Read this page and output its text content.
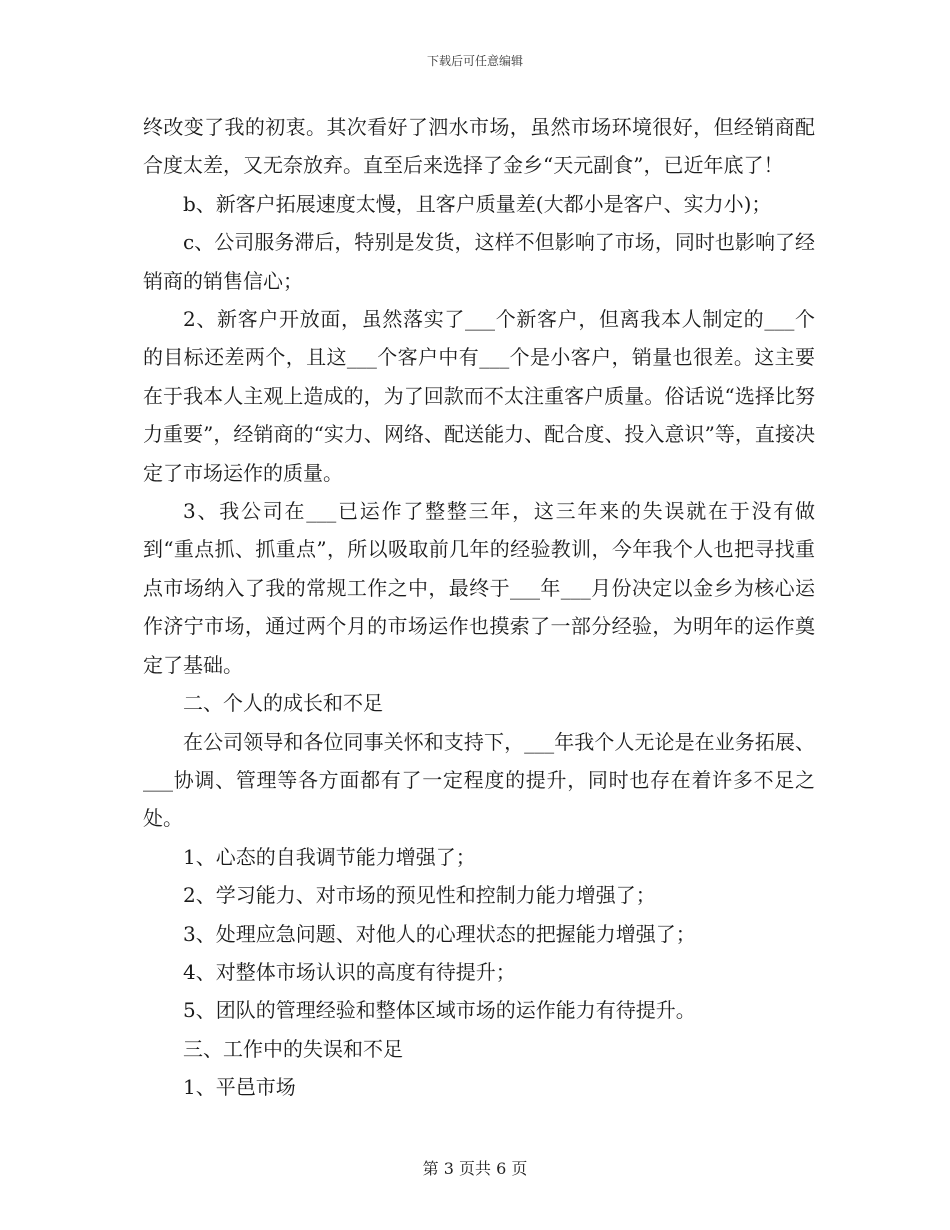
下载后可任意编辑

终改变了我的初衷。其次看好了泗水市场，虽然市场环境很好，但经销商配合度太差，又无奈放弃。直至后来选择了金乡“天元副食”，已近年底了！

b、新客户拓展速度太慢，且客户质量差(大都小是客户、实力小)；

c、公司服务滞后，特别是发货，这样不但影响了市场，同时也影响了经销商的销售信心；

2、新客户开放面，虽然落实了___个新客户，但离我本人制定的___个的目标还差两个，且这___个客户中有___个是小客户，销量也很差。这主要在于我本人主观上造成的，为了回款而不太注重客户质量。俗话说“选择比努力重要”，经销商的“实力、网络、配送能力、配合度、投入意识”等，直接决定了市场运作的质量。

3、我公司在___已运作了整整三年，这三年来的失误就在于没有做到“重点抓、抓重点”，所以吸取前几年的经验教训，今年我个人也把寻找重点市场纳入了我的常规工作之中，最终于___年___月份决定以金乡为核心运作济宁市场，通过两个月的市场运作也摸索了一部分经验，为明年的运作奠定了基础。

二、个人的成长和不足

在公司领导和各位同事关怀和支持下，___年我个人无论是在业务拓展、___协调、管理等各方面都有了一定程度的提升，同时也存在着许多不足之处。

1、心态的自我调节能力增强了；

2、学习能力、对市场的预见性和控制力能力增强了；

3、处理应急问题、对他人的心理状态的把握能力增强了；

4、对整体市场认识的高度有待提升；

5、团队的管理经验和整体区域市场的运作能力有待提升。

三、工作中的失误和不足

1、平邑市场

第 3 页共 6 页
